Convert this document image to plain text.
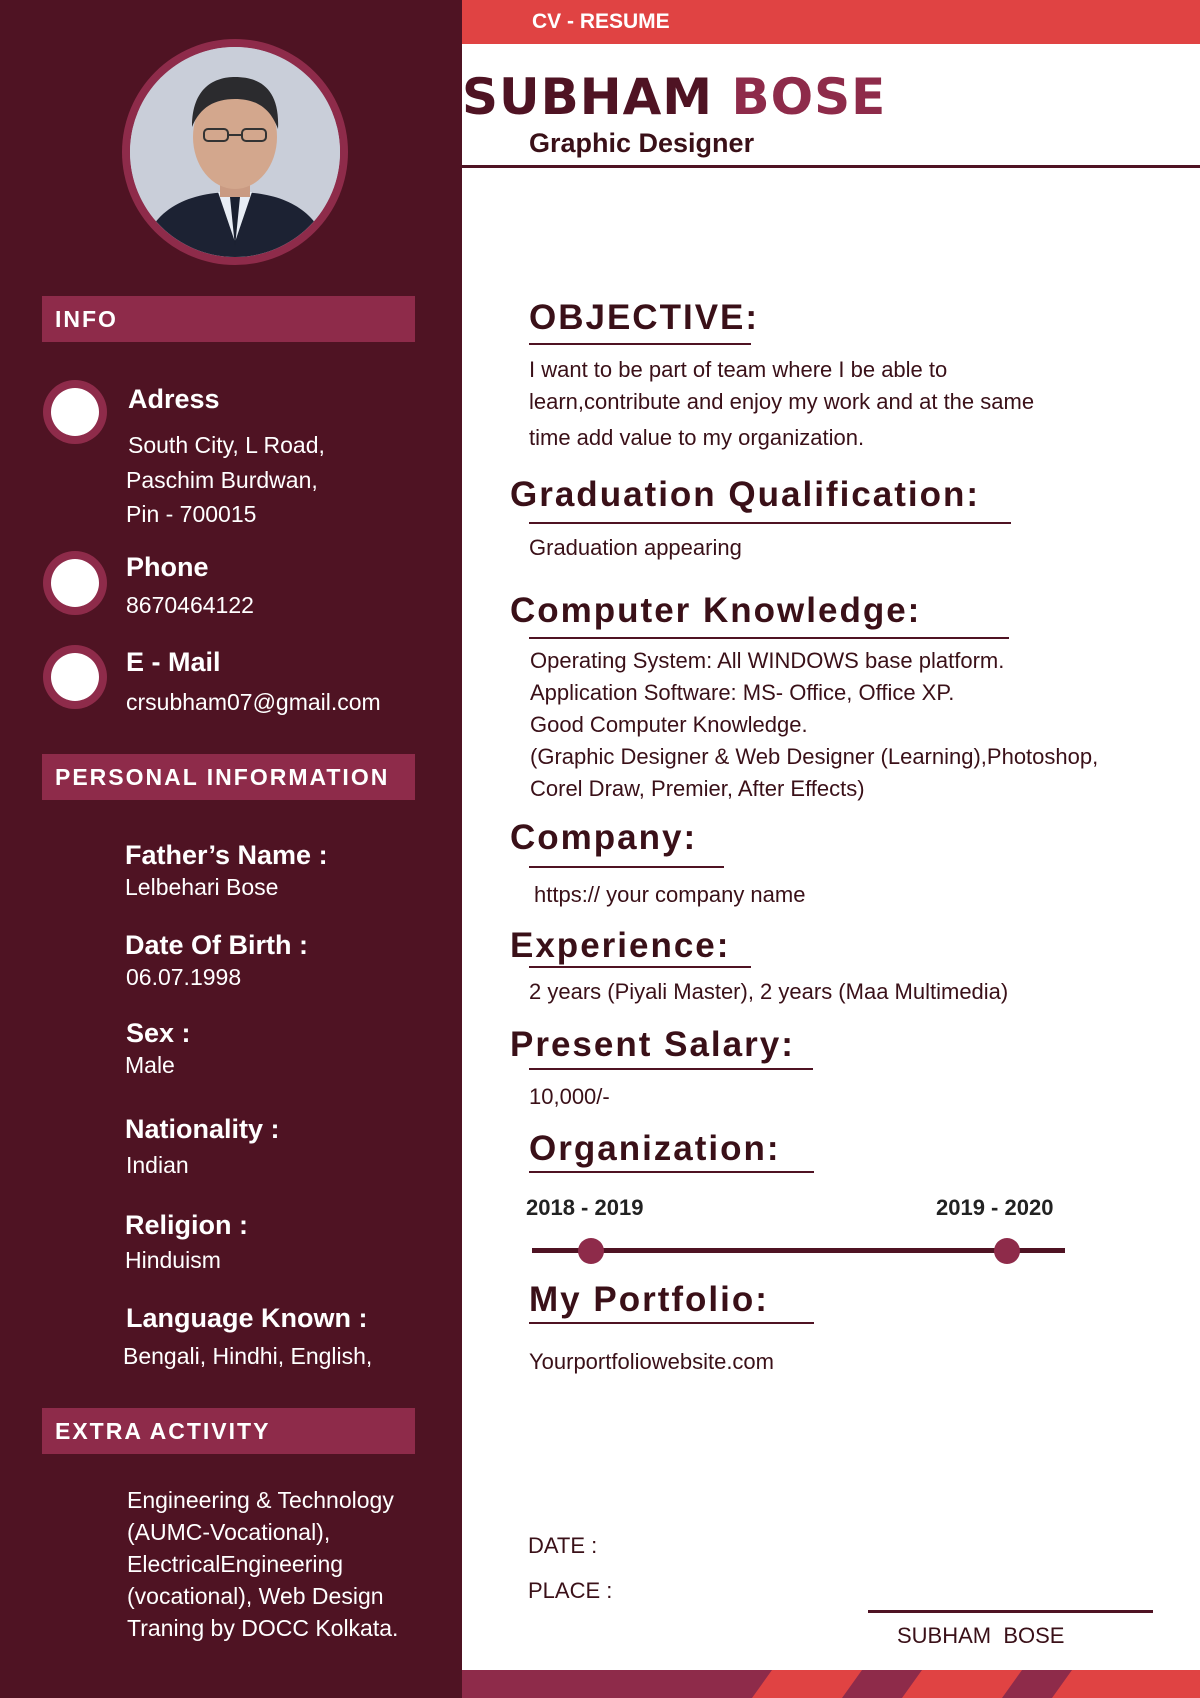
INFO
Adress
South City, L Road,
Paschim Burdwan,
Pin - 700015
Phone
8670464122
E - Mail
crsubham07@gmail.com
PERSONAL INFORMATION
Father’s Name :
Lelbehari Bose
Date Of Birth :
06.07.1998
Sex :
Male
Nationality :
Indian
Religion :
Hinduism
Language Known :
Bengali, Hindhi, English,
EXTRA ACTIVITY
Engineering & Technology
(AUMC-Vocational),
ElectricalEngineering
(vocational), Web Design
Traning by DOCC Kolkata.
CV - RESUME
SUBHAM BOSE
Graphic Designer
OBJECTIVE:
I want to be part of team where I be able to
learn,contribute and enjoy my work and at the same
time add value to my organization.
Graduation Qualification:
Graduation appearing
Computer Knowledge:
Operating System: All WINDOWS base platform.
Application Software: MS- Office, Office XP.
Good Computer Knowledge.
(Graphic Designer & Web Designer (Learning),Photoshop,
Corel Draw, Premier, After Effects)
Company:
https:// your company name
Experience:
2 years (Piyali Master), 2 years (Maa Multimedia)
Present Salary:
10,000/-
Organization:
2018 - 2019	2019 - 2020
My Portfolio:
Yourportfoliowebsite.com
DATE :
PLACE :
SUBHAM  BOSE
